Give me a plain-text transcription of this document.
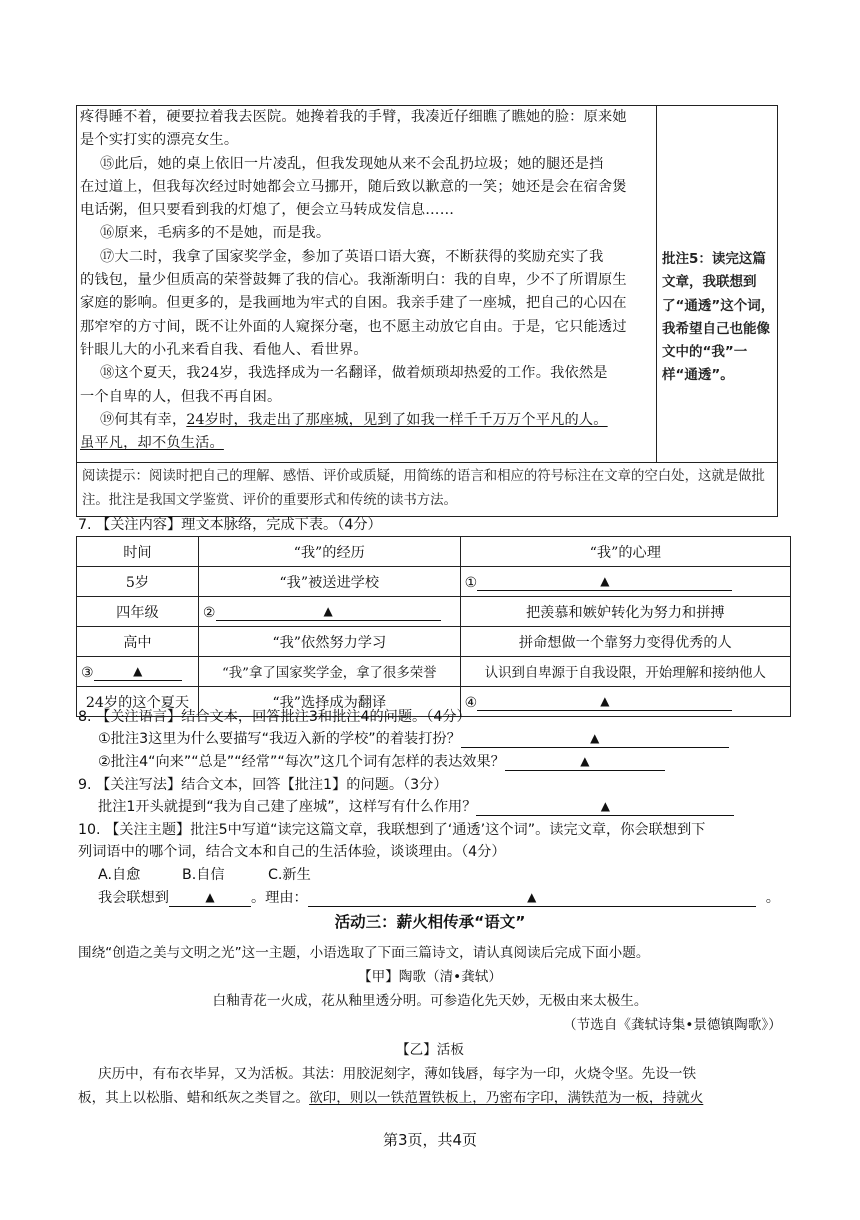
疼得睡不着，硬要拉着我去医院。她搀着我的手臂，我凑近仔细瞧了瞧她的脸：原来她
是个实打实的漂亮女生。
⑮此后，她的桌上依旧一片凌乱，但我发现她从来不会乱扔垃圾；她的腿还是挡
在过道上，但我每次经过时她都会立马挪开，随后致以歉意的一笑；她还是会在宿舍煲
电话粥，但只要看到我的灯熄了，便会立马转成发信息……
⑯原来，毛病多的不是她，而是我。
⑰大二时，我拿了国家奖学金，参加了英语口语大赛，不断获得的奖励充实了我
的钱包，量少但质高的荣誉鼓舞了我的信心。我渐渐明白：我的自卑，少不了所谓原生
家庭的影响。但更多的，是我画地为牢式的自困。我亲手建了一座城，把自己的心囚在
那窄窄的方寸间，既不让外面的人窥探分毫，也不愿主动放它自由。于是，它只能透过
针眼儿大的小孔来看自我、看他人、看世界。
⑱这个夏天，我24岁，我选择成为一名翻译，做着烦琐却热爱的工作。我依然是
一个自卑的人，但我不再自困。
⑲何其有幸，24岁时，我走出了那座城，见到了如我一样千千万万个平凡的人。
虽平凡，却不负生活。
批注5：读完这篇文章，我联想到了“通透”这个词，我希望自己也能像文中的“我”一样“通透”。
阅读提示：阅读时把自己的理解、感悟、评价或质疑，用简练的语言和相应的符号标注在文章的空白处，这就是做批注。批注是我国文学鉴赏、评价的重要形式和传统的读书方法。
7. 【关注内容】理文本脉络，完成下表。（4分）
时间	“我”的经历	“我”的心理
5岁	“我”被送进学校	① ▲
四年级	② ▲	把羡慕和嫉妒转化为努力和拼搏
高中	“我”依然努力学习	拼命想做一个靠努力变得优秀的人
③ ▲	“我”拿了国家奖学金，拿了很多荣誉	认识到自卑源于自我设限，开始理解和接纳他人
24岁的这个夏天	“我”选择成为翻译	④ ▲
8. 【关注语言】结合文本，回答批注3和批注4的问题。（4分）
①批注3这里为什么要描写“我迈入新的学校”的着装打扮？	▲
②批注4“向来”“总是”“经常”“每次”这几个词有怎样的表达效果？	▲
9. 【关注写法】结合文本，回答【批注1】的问题。（3分）
批注1开头就提到“我为自己建了座城”，这样写有什么作用？	▲
10. 【关注主题】批注5中写道“读完这篇文章，我联想到了‘通透’这个词”。读完文章，你会联想到下
列词语中的哪个词，结合文本和自己的生活体验，谈谈理由。（4分）
A.自愈	B.自信	C.新生
我会联想到	▲	。理由：	▲	。
活动三：薪火相传承“语文”
围绕“创造之美与文明之光”这一主题，小语选取了下面三篇诗文，请认真阅读后完成下面小题。
【甲】陶歌（清•龚轼）
白釉青花一火成，花从釉里透分明。可参造化先天妙，无极由来太极生。
（节选自《龚轼诗集•景德镇陶歌》）
【乙】活板
庆历中，有布衣毕昇，又为活板。其法：用胶泥刻字，薄如钱唇，每字为一印，火烧令坚。先设一铁
板，其上以松脂、蜡和纸灰之类冒之。欲印，则以一铁范置铁板上，乃密布字印，满铁范为一板，持就火
第3页，共4页
